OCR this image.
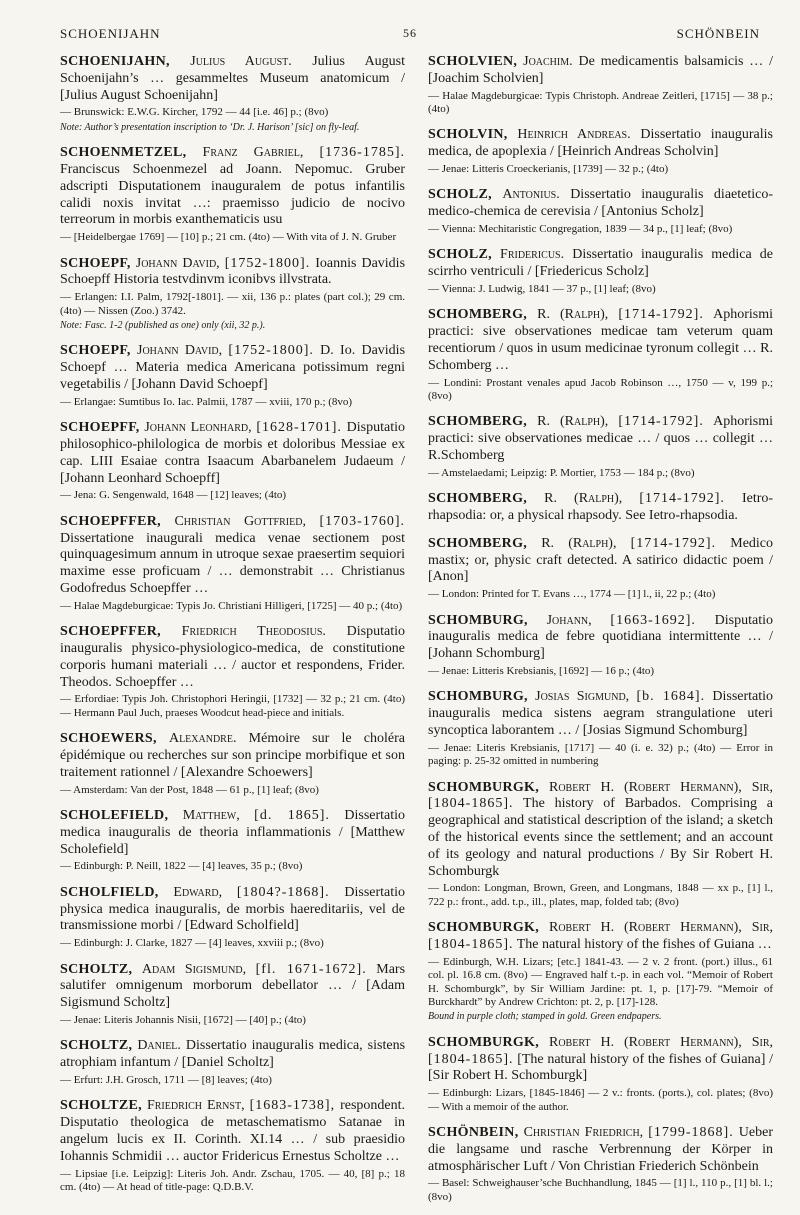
SCHOENIJAHN	56	SCHÖNBEIN

SCHOENIJAHN, Julius August. Julius August Schoenijahn’s … gesammeltes Museum anatomicum / [Julius August Schoenijahn]

— Brunswick: E.W.G. Kircher, 1792 — 44 [i.e. 46] p.; (8vo)

Note: Author’s presentation inscription to ‘Dr. J. Harison’ [sic] on fly-leaf.

SCHOENMETZEL, Franz Gabriel, [1736-1785]. Franciscus Schoenmezel ad Joann. Nepomuc. Gruber adscripti Disputationem inauguralem de potus infantilis calidi noxis invitat …: praemisso judicio de nocivo terreorum in morbis exanthematicis usu

— [Heidelbergae 1769] — [10] p.; 21 cm. (4to) — With vita of J. N. Gruber

SCHOEPF, Johann David, [1752-1800]. Ioannis Davidis Schoepff Historia testvdinvm iconibvs illvstrata.

— Erlangen: I.I. Palm, 1792[-1801]. — xii, 136 p.: plates (part col.); 29 cm. (4to) — Nissen (Zoo.) 3742.

Note: Fasc. 1-2 (published as one) only (xii, 32 p.).

SCHOEPF, Johann David, [1752-1800]. D. Io. Davidis Schoepf … Materia medica Americana potissimum regni vegetabilis / [Johann David Schoepf]

— Erlangae: Sumtibus Io. Iac. Palmii, 1787 — xviii, 170 p.; (8vo)

SCHOEPFF, Johann Leonhard, [1628-1701]. Disputatio philosophico-philologica de morbis et doloribus Messiae ex cap. LIII Esaiae contra Isaacum Abarbanelem Judaeum / [Johann Leonhard Schoepff]

— Jena: G. Sengenwald, 1648 — [12] leaves; (4to)

SCHOEPFFER, Christian Gottfried, [1703-1760]. Dissertatione inaugurali medica venae sectionem post quinquagesimum annum in utroque sexae praesertim sequiori maxime esse proficuam / … demonstrabit … Christianus Godofredus Schoepffer …

— Halae Magdeburgicae: Typis Jo. Christiani Hilligeri, [1725] — 40 p.; (4to)

SCHOEPFFER, Friedrich Theodosius. Disputatio inauguralis physico-physiologico-medica, de constitutione corporis humani materiali … / auctor et respondens, Frider. Theodos. Schoepffer …

— Erfordiae: Typis Joh. Christophori Heringii, [1732] — 32 p.; 21 cm. (4to) — Hermann Paul Juch, praeses Woodcut head-piece and initials.

SCHOEWERS, Alexandre. Mémoire sur le choléra épidémique ou recherches sur son principe morbifique et son traitement rationnel / [Alexandre Schoewers]

— Amsterdam: Van der Post, 1848 — 61 p., [1] leaf; (8vo)

SCHOLEFIELD, Matthew, [d. 1865]. Dissertatio medica inauguralis de theoria inflammationis / [Matthew Scholefield]

— Edinburgh: P. Neill, 1822 — [4] leaves, 35 p.; (8vo)

SCHOLFIELD, Edward, [1804?-1868]. Dissertatio physica medica inauguralis, de morbis haereditariis, vel de transmissione morbi / [Edward Scholfield]

— Edinburgh: J. Clarke, 1827 — [4] leaves, xxviii p.; (8vo)

SCHOLTZ, Adam Sigismund, [fl. 1671-1672]. Mars salutifer omnigenum morborum debellator … / [Adam Sigismund Scholtz]

— Jenae: Literis Johannis Nisii, [1672] — [40] p.; (4to)

SCHOLTZ, Daniel. Dissertatio inauguralis medica, sistens atrophiam infantum / [Daniel Scholtz]

— Erfurt: J.H. Grosch, 1711 — [8] leaves; (4to)

SCHOLTZE, Friedrich Ernst, [1683-1738], respondent. Disputatio theologica de metaschematismo Satanae in angelum lucis ex II. Corinth. XI.14 … / sub praesidio Iohannis Schmidii … auctor Fridericus Ernestus Scholtze …

— Lipsiae [i.e. Leipzig]: Literis Joh. Andr. Zschau, 1705. — 40, [8] p.; 18 cm. (4to) — At head of title-page: Q.D.B.V.

SCHOLVIEN, Joachim. De medicamentis balsamicis … / [Joachim Scholvien]

— Halae Magdeburgicae: Typis Christoph. Andreae Zeitleri, [1715] — 38 p.; (4to)

SCHOLVIN, Heinrich Andreas. Dissertatio inauguralis medica, de apoplexia / [Heinrich Andreas Scholvin]

— Jenae: Litteris Croeckerianis, [1739] — 32 p.; (4to)

SCHOLZ, Antonius. Dissertatio inauguralis diaetetico-medico-chemica de cerevisia / [Antonius Scholz]

— Vienna: Mechitaristic Congregation, 1839 — 34 p., [1] leaf; (8vo)

SCHOLZ, Fridericus. Dissertatio inauguralis medica de scirrho ventriculi / [Friedericus Scholz]

— Vienna: J. Ludwig, 1841 — 37 p., [1] leaf; (8vo)

SCHOMBERG, R. (Ralph), [1714-1792]. Aphorismi practici: sive observationes medicae tam veterum quam recentiorum / quos in usum medicinae tyronum collegit … R. Schomberg …

— Londini: Prostant venales apud Jacob Robinson …, 1750 — v, 199 p.; (8vo)

SCHOMBERG, R. (Ralph), [1714-1792]. Aphorismi practici: sive observationes medicae … / quos … collegit … R.Schomberg

— Amstelaedami; Leipzig: P. Mortier, 1753 — 184 p.; (8vo)

SCHOMBERG, R. (Ralph), [1714-1792]. Ietro-rhapsodia: or, a physical rhapsody. See Ietro-rhapsodia.

SCHOMBERG, R. (Ralph), [1714-1792]. Medico mastix; or, physic craft detected. A satirico didactic poem / [Anon]

— London: Printed for T. Evans …, 1774 — [1] l., ii, 22 p.; (4to)

SCHOMBURG, Johann, [1663-1692]. Disputatio inauguralis medica de febre quotidiana intermittente … / [Johann Schomburg]

— Jenae: Litteris Krebsianis, [1692] — 16 p.; (4to)

SCHOMBURG, Josias Sigmund, [b. 1684]. Dissertatio inauguralis medica sistens aegram strangulatione uteri syncoptica laborantem … / [Josias Sigmund Schomburg]

— Jenae: Literis Krebsianis, [1717] — 40 (i. e. 32) p.; (4to) — Error in paging: p. 25-32 omitted in numbering

SCHOMBURGK, Robert H. (Robert Hermann), Sir, [1804-1865]. The history of Barbados. Comprising a geographical and statistical description of the island; a sketch of the historical events since the settlement; and an account of its geology and natural productions / By Sir Robert H. Schomburgk

— London: Longman, Brown, Green, and Longmans, 1848 — xx p., [1] l., 722 p.: front., add. t.p., ill., plates, map, folded tab; (8vo)

SCHOMBURGK, Robert H. (Robert Hermann), Sir, [1804-1865]. The natural history of the fishes of Guiana …

— Edinburgh, W.H. Lizars; [etc.] 1841-43. — 2 v. 2 front. (port.) illus., 61 col. pl. 16.8 cm. (8vo) — Engraved half t.-p. in each vol. “Memoir of Robert H. Schomburgk”, by Sir William Jardine: pt. 1, p. [17]-79. “Memoir of Burckhardt” by Andrew Crichton: pt. 2, p. [17]-128.

Bound in purple cloth; stamped in gold. Green endpapers.

SCHOMBURGK, Robert H. (Robert Hermann), Sir, [1804-1865]. [The natural history of the fishes of Guiana] / [Sir Robert H. Schomburgk]

— Edinburgh: Lizars, [1845-1846] — 2 v.: fronts. (ports.), col. plates; (8vo) — With a memoir of the author.

SCHÖNBEIN, Christian Friedrich, [1799-1868]. Ueber die langsame und rasche Verbrennung der Körper in atmosphärischer Luft / Von Christian Friederich Schönbein

— Basel: Schweighauser’sche Buchhandlung, 1845 — [1] l., 110 p., [1] bl. l.; (8vo)
